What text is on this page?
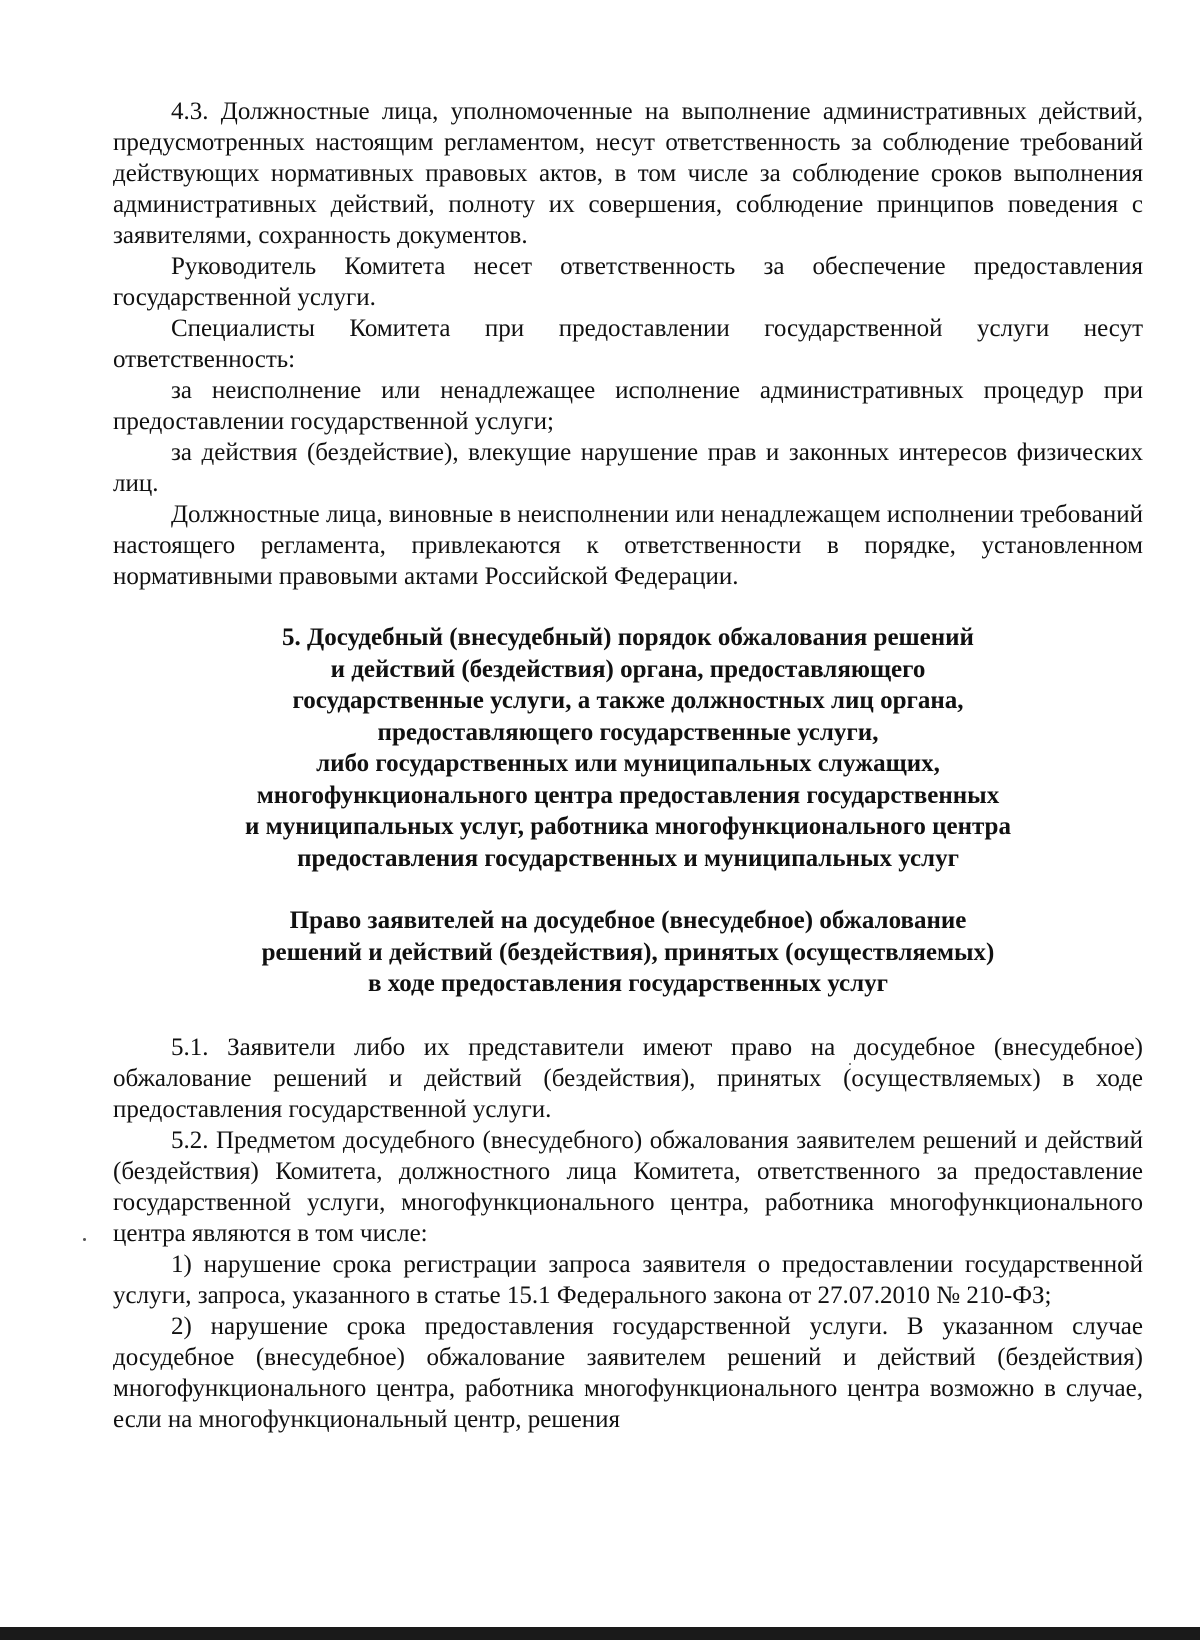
4.3. Должностные лица, уполномоченные на выполнение административных действий, предусмотренных настоящим регламентом, несут ответственность за соблюдение требований действующих нормативных правовых актов, в том числе за соблюдение сроков выполнения административных действий, полноту их совершения, соблюдение принципов поведения с заявителями, сохранность документов.

Руководитель Комитета несет ответственность за обеспечение предоставления государственной услуги.

Специалисты Комитета при предоставлении государственной услуги несут ответственность:

за неисполнение или ненадлежащее исполнение административных процедур при предоставлении государственной услуги;

за действия (бездействие), влекущие нарушение прав и законных интересов физических лиц.

Должностные лица, виновные в неисполнении или ненадлежащем исполнении требований настоящего регламента, привлекаются к ответственности в порядке, установленном нормативными правовыми актами Российской Федерации.

5. Досудебный (внесудебный) порядок обжалования решений
и действий (бездействия) органа, предоставляющего
государственные услуги, а также должностных лиц органа,
предоставляющего государственные услуги,
либо государственных или муниципальных служащих,
многофункционального центра предоставления государственных
и муниципальных услуг, работника многофункционального центра
предоставления государственных и муниципальных услуг
Право заявителей на досудебное (внесудебное) обжалование
решений и действий (бездействия), принятых (осуществляемых)
в ходе предоставления государственных услуг

5.1. Заявители либо их представители имеют право на досудебное (внесудебное) обжалование решений и действий (бездействия), принятых (осуществляемых) в ходе предоставления государственной услуги.

5.2. Предметом досудебного (внесудебного) обжалования заявителем решений и действий (бездействия) Комитета, должностного лица Комитета, ответственного за предоставление государственной услуги, многофункционального центра, работника многофункционального центра являются в том числе:

1) нарушение срока регистрации запроса заявителя о предоставлении государственной услуги, запроса, указанного в статье 15.1 Федерального закона от 27.07.2010 № 210-ФЗ;

2) нарушение срока предоставления государственной услуги. В указанном случае досудебное (внесудебное) обжалование заявителем решений и действий (бездействия) многофункционального центра, работника многофункционального центра возможно в случае, если на многофункциональный центр, решения
